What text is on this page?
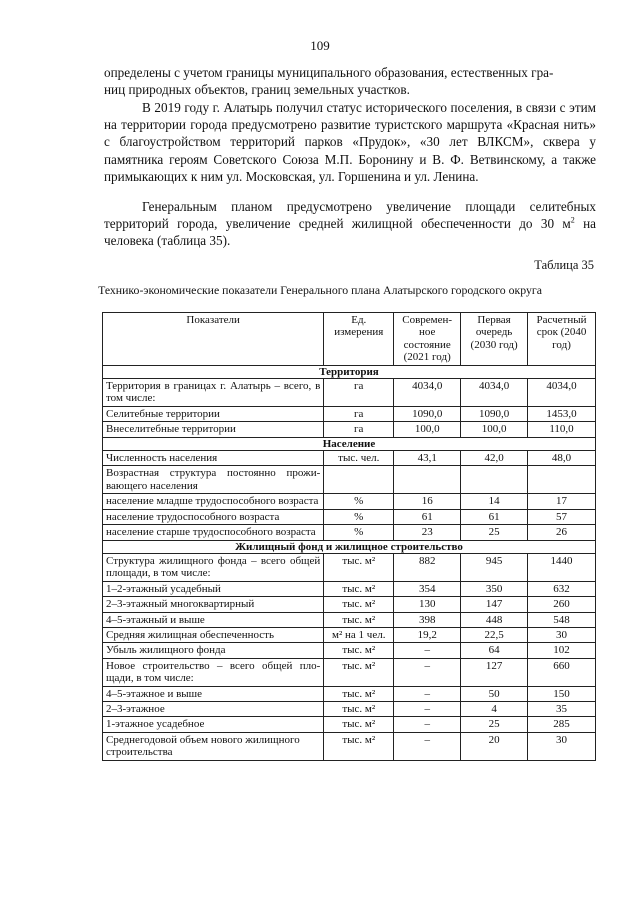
109
определены с учетом границы муниципального образования, естественных гра-
ниц природных объектов, границ земельных участков.
В 2019 году г. Алатырь получил статус исторического поселения, в связи с этим на территории города предусмотрено развитие туристского маршрута «Красная нить» с благоустройством территорий парков «Прудок», «30 лет ВЛКСМ», сквера у памятника героям Советского Союза М.П. Боронину и В. Ф. Ветвинскому, а также примыкающих к ним ул. Московская, ул. Горшенина и ул. Ленина.
Генеральным планом предусмотрено увеличение площади селитебных территорий города, увеличение средней жилищной обеспеченности до 30 $м^2$ на человека (таблица 35).
Таблица 35
Технико-экономические показатели Генерального плана Алатырского городского округа
Показатели	Ед. измерения	Современное состояние (2021 год)	Первая очередь (2030 год)	Расчетный срок (2040 год)
Территория				
Территория в границах г. Алатырь – всего, в том числе:	га	4034,0	4034,0	4034,0
Селитебные территории	га	1090,0	1090,0	1453,0
Внеселитебные территории	га	100,0	100,0	110,0
Население				
Численность населения	тыс. чел.	43,1	42,0	48,0
Возрастная структура постоянно проживающего населения				
население младше трудоспособного возраста	%	16	14	17
население трудоспособного возраста	%	61	61	57
население старше трудоспособного возраста	%	23	25	26
Жилищный фонд и жилищное строительство				
Структура жилищного фонда – всего общей площади, в том числе:	тыс. м²	882	945	1440
1–2-этажный усадебный	тыс. м²	354	350	632
2–3-этажный многоквартирный	тыс. м²	130	147	260
4–5-этажный и выше	тыс. м²	398	448	548
Средняя жилищная обеспеченность	м² на 1 чел.	19,2	22,5	30
Убыль жилищного фонда	тыс. м²	–	64	102
Новое строительство – всего общей площади, в том числе:	тыс. м²	–	127	660
4–5-этажное и выше	тыс. м²	–	50	150
2–3-этажное	тыс. м²	–	4	35
1-этажное усадебное	тыс. м²	–	25	285
Среднегодовой объем нового жилищного строительства	тыс. м²	–	20	30
